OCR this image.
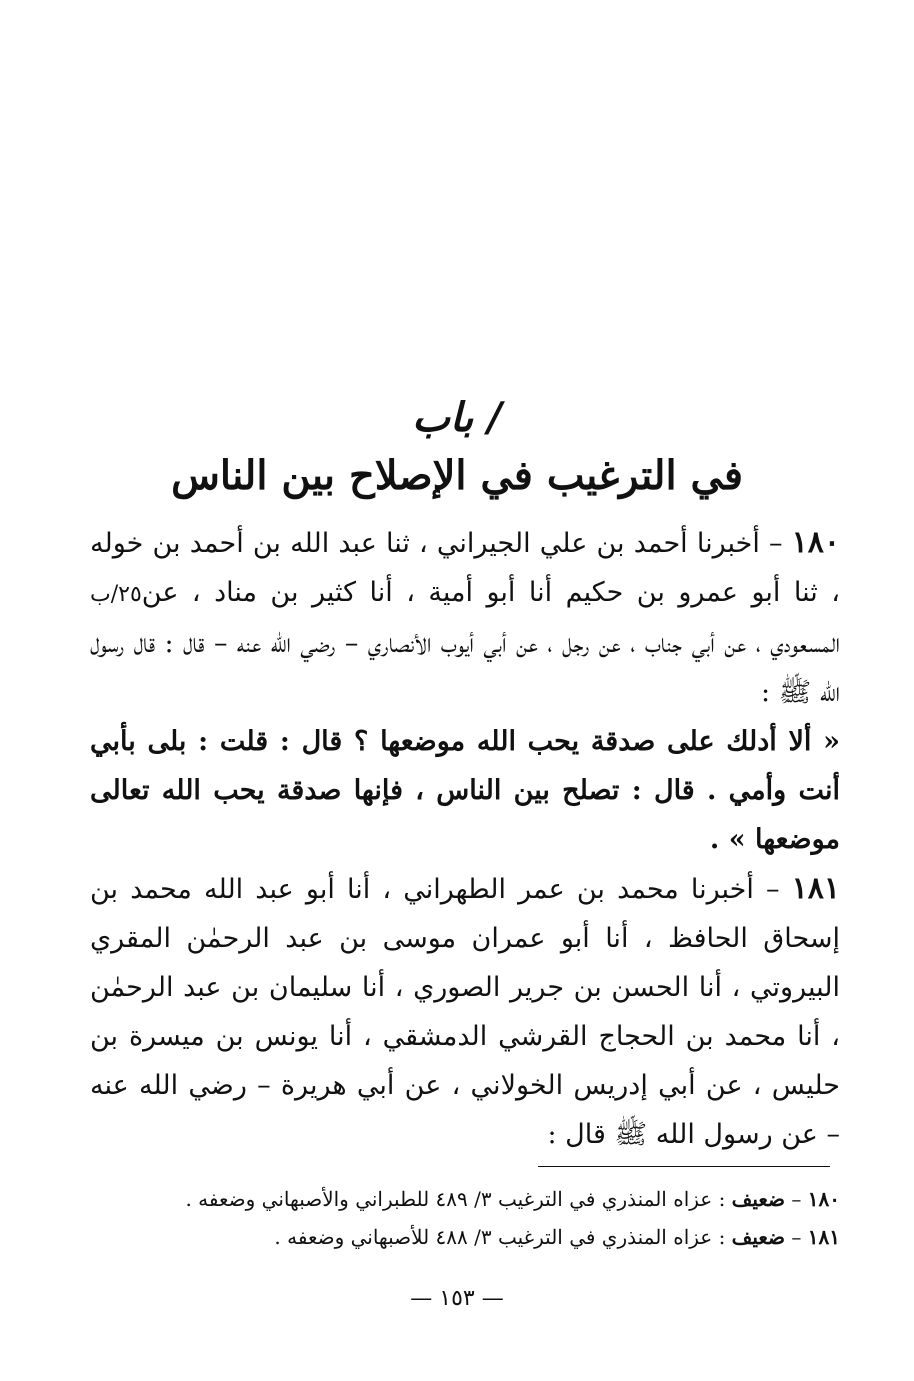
باب /
في الترغيب في الإصلاح بين الناس

١٨٠ – أخبرنا أحمد بن علي الجيراني ، ثنا عبد الله بن أحمد بن خوله ، ثنا أبو عمرو بن حكيم أنا أبو أمية ، أنا كثير بن مناد ، عن٢٥/ب المسعودي ، عن أبي جناب ، عن رجل ، عن أبي أيوب الأنصاري – رضي الله عنه – قال : قال رسول الله ﷺ :

« ألا أدلك على صدقة يحب الله موضعها ؟ قال : قلت : بلى بأبي أنت وأمي . قال : تصلح بين الناس ، فإنها صدقة يحب الله تعالى موضعها » .

١٨١ – أخبرنا محمد بن عمر الطهراني ، أنا أبو عبد الله محمد بن إسحاق الحافظ ، أنا أبو عمران موسى بن عبد الرحمٰن المقري البيروتي ، أنا الحسن بن جرير الصوري ، أنا سليمان بن عبد الرحمٰن ، أنا محمد بن الحجاج القرشي الدمشقي ، أنا يونس بن ميسرة بن حليس ، عن أبي إدريس الخولاني ، عن أبي هريرة – رضي الله عنه – عن رسول الله ﷺ قال :

١٨٠ – ضعيف : عزاه المنذري في الترغيب ٣/ ٤٨٩ للطبراني والأصبهاني وضعفه .

١٨١ – ضعيف : عزاه المنذري في الترغيب ٣/ ٤٨٨ للأصبهاني وضعفه .

— ١٥٣ —
